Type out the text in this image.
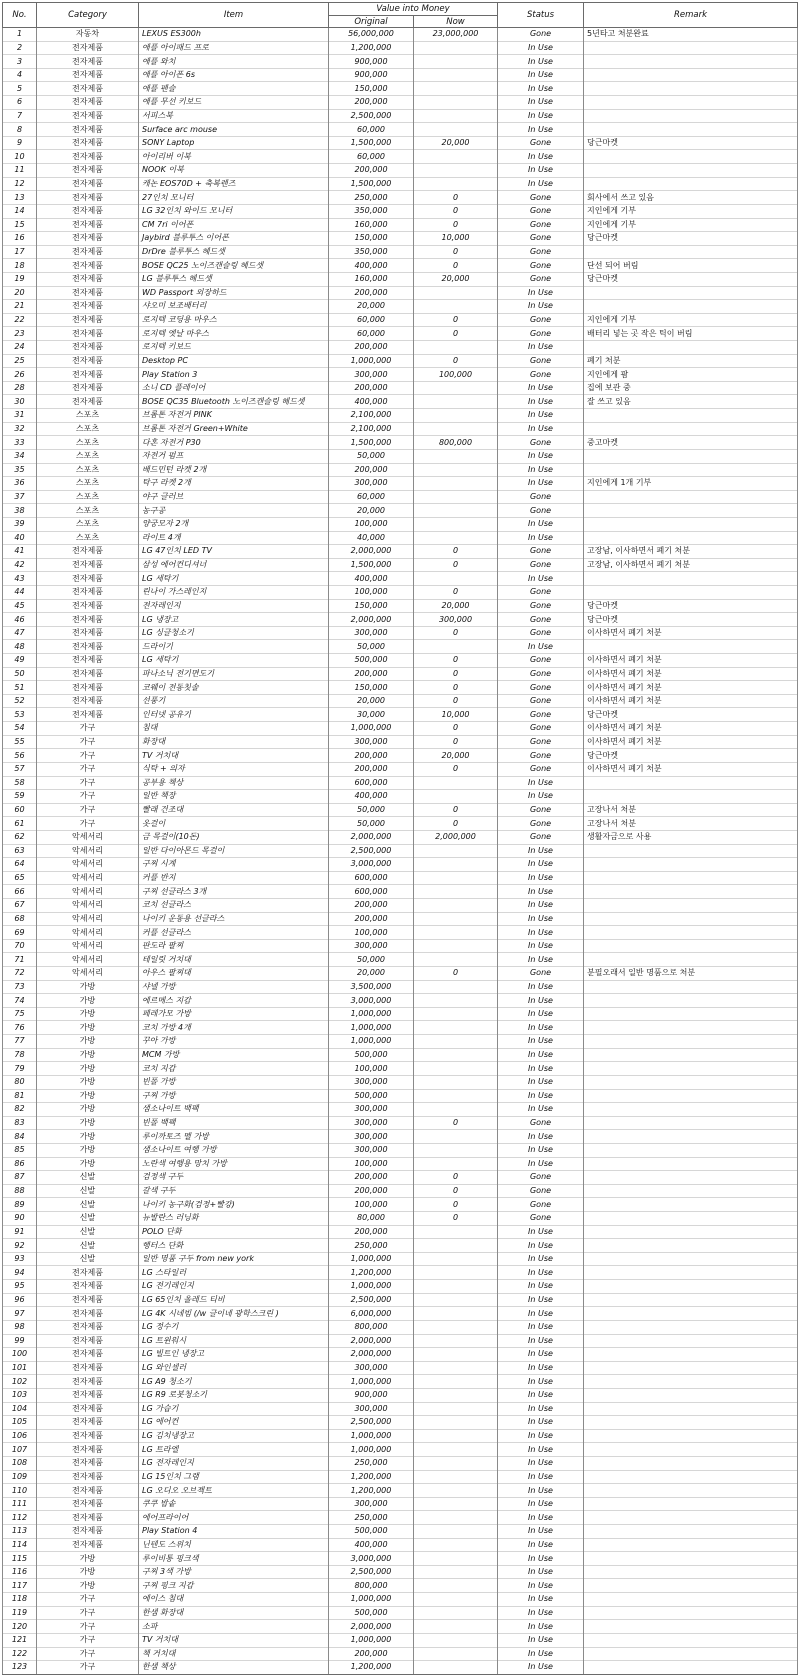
No.	Category	Item	Value into Money		Status	Remark
			Original	Now		
1	자동차	LEXUS ES300h	56,000,000	23,000,000	Gone	5년타고 처분완료
2	전자제품	애플 아이패드 프로	1,200,000		In Use	
3	전자제품	애플 와치	900,000		In Use	
4	전자제품	애플 아이폰 6s	900,000		In Use	
5	전자제품	애플 펜슬	150,000		In Use	
6	전자제품	애플 무선 키보드	200,000		In Use	
7	전자제품	서피스북	2,500,000		In Use	
8	전자제품	Surface arc mouse	60,000		In Use	
9	전자제품	SONY Laptop	1,500,000	20,000	Gone	당근마켓
10	전자제품	아이리버 이북	60,000		In Use	
11	전자제품	NOOK 이북	200,000		In Use	
12	전자제품	캐논 EOS70D + 축복렌즈	1,500,000		In Use	
13	전자제품	27인치 모니터	250,000	0	Gone	회사에서 쓰고 있음
14	전자제품	LG 32인치 와이드 모니터	350,000	0	Gone	지인에게 기부
15	전자제품	CM 7ri 이어폰	160,000	0	Gone	지인에게 기부
16	전자제품	Jaybird 블루투스 이어폰	150,000	10,000	Gone	당근마켓
17	전자제품	DrDre 블루투스 헤드셋	350,000	0	Gone	
18	전자제품	BOSE QC25 노이즈캔슬링 헤드셋	400,000	0	Gone	단선 되어 버림
19	전자제품	LG 블루투스 헤드셋	160,000	20,000	Gone	당근마켓
20	전자제품	WD Passport 외장하드	200,000		In Use	
21	전자제품	샤오미 보조배터리	20,000		In Use	
22	전자제품	로지텍 코딩용 마우스	60,000	0	Gone	지인에게 기부
23	전자제품	로지텍 엣날 마우스	60,000	0	Gone	배터리 넣는 곳 작은 틱이 버림
24	전자제품	로지텍 키보드	200,000		In Use	
25	전자제품	Desktop PC	1,000,000	0	Gone	폐기 처분
26	전자제품	Play Station 3	300,000	100,000	Gone	지인에게 팜
28	전자제품	소니 CD 플레이어	200,000		In Use	집에 보관 중
30	전자제품	BOSE QC35 Bluetooth 노이즈캔슬링 헤드셋	400,000		In Use	잘 쓰고 있음
31	스포츠	브롬톤 자전거 PINK	2,100,000		In Use	
32	스포츠	브롬톤 자전거 Green+White	2,100,000		In Use	
33	스포츠	다혼 자전거 P30	1,500,000	800,000	Gone	중고마켓
34	스포츠	자전거 펌프	50,000		In Use	
35	스포츠	배드민턴 라켓 2개	200,000		In Use	
36	스포츠	탁구 라켓 2개	300,000		In Use	지인에게 1개 기부
37	스포츠	야구 글러브	60,000		Gone	
38	스포츠	농구공	20,000		Gone	
39	스포츠	양궁모자 2개	100,000		In Use	
40	스포츠	라이트 4개	40,000		In Use	
41	전자제품	LG 47인치 LED TV	2,000,000	0	Gone	고장남, 이사하면서 폐기 처분
42	전자제품	삼성 에어컨디셔너	1,500,000	0	Gone	고장남, 이사하면서 폐기 처분
43	전자제품	LG 세탁기	400,000		In Use	
44	전자제품	린나이 가스레인지	100,000	0	Gone	
45	전자제품	전자레인지	150,000	20,000	Gone	당근마켓
46	전자제품	LG 냉장고	2,000,000	300,000	Gone	당근마켓
47	전자제품	LG 싱글청소기	300,000	0	Gone	이사하면서 폐기 처분
48	전자제품	드라이기	50,000		In Use	
49	전자제품	LG 세탁기	500,000	0	Gone	이사하면서 폐기 처분
50	전자제품	파나소닉 전기면도기	200,000	0	Gone	이사하면서 폐기 처분
51	전자제품	코웨이 전동칫솔	150,000	0	Gone	이사하면서 폐기 처분
52	전자제품	선풍기	20,000	0	Gone	이사하면서 폐기 처분
53	전자제품	인터넷 공유기	30,000	10,000	Gone	당근마켓
54	가구	침대	1,000,000	0	Gone	이사하면서 폐기 처분
55	가구	화장대	300,000	0	Gone	이사하면서 폐기 처분
56	가구	TV 거치대	200,000	20,000	Gone	당근마켓
57	가구	식탁 + 의자	200,000	0	Gone	이사하면서 폐기 처분
58	가구	공부용 책상	600,000		In Use	
59	가구	일반 책장	400,000		In Use	
60	가구	빨래 건조대	50,000	0	Gone	고장나서 처분
61	가구	옷걸이	50,000	0	Gone	고장나서 처분
62	악세서리	금 목걸이(10돈)	2,000,000	2,000,000	Gone	생활자금으로 사용
63	악세서리	일반 다이아몬드 목걸이	2,500,000		In Use	
64	악세서리	구찌 시계	3,000,000		In Use	
65	악세서리	커플 반지	600,000		In Use	
66	악세서리	구찌 선글라스 3개	600,000		In Use	
67	악세서리	코치 선글라스	200,000		In Use	
68	악세서리	나이키 운동용 선글라스	200,000		In Use	
69	악세서리	커플 선글라스	100,000		In Use	
70	악세서리	판도라 팔찌	300,000		In Use	
71	악세서리	테일릿 거치대	50,000		In Use	
72	악세서리	아우스 팔찌대	20,000	0	Gone	분필오래서 일반 명품으로 처분
73	가방	샤넬 가방	3,500,000		In Use	
74	가방	에르메스 지갑	3,000,000		In Use	
75	가방	페레가모 가방	1,000,000		In Use	
76	가방	코치 가방 4개	1,000,000		In Use	
77	가방	꾸아 가방	1,000,000		In Use	
78	가방	MCM 가방	500,000		In Use	
79	가방	코치 지갑	100,000		In Use	
80	가방	빈폴 가방	300,000		In Use	
81	가방	구찌 가방	500,000		In Use	
82	가방	샘소나이트 백팩	300,000		In Use	
83	가방	빈폴 백팩	300,000	0	Gone	
84	가방	루이까토즈 멜 가방	300,000		In Use	
85	가방	샘소나이트 여행 가방	300,000		In Use	
86	가방	노란색 여행용 망치 가방	100,000		In Use	
87	신발	검정색 구두	200,000	0	Gone	
88	신발	갈색 구두	200,000	0	Gone	
89	신발	나이키 농구화(검정+빨강)	100,000	0	Gone	
90	신발	뉴발란스 러닝화	80,000	0	Gone	
91	신발	POLO 단화	200,000		In Use	
92	신발	행터스 단화	250,000		In Use	
93	신발	일반 명품 구두 from new york	1,000,000		In Use	
94	전자제품	LG 스타일러	1,200,000		In Use	
95	전자제품	LG 전기레인지	1,000,000		In Use	
96	전자제품	LG 65인치 올레드 티비	2,500,000		In Use	
97	전자제품	LG 4K 시네빔 (/w 글이네 광학스크린 )	6,000,000		In Use	
98	전자제품	LG 정수기	800,000		In Use	
99	전자제품	LG 트윈워시	2,000,000		In Use	
100	전자제품	LG 빌트인 냉장고	2,000,000		In Use	
101	전자제품	LG 와인셀러	300,000		In Use	
102	전자제품	LG A9 청소기	1,000,000		In Use	
103	전자제품	LG R9 로봇청소기	900,000		In Use	
104	전자제품	LG 가습기	300,000		In Use	
105	전자제품	LG 에어컨	2,500,000		In Use	
106	전자제품	LG 김치냉장고	1,000,000		In Use	
107	전자제품	LG 트라엘	1,000,000		In Use	
108	전자제품	LG 전자레인지	250,000		In Use	
109	전자제품	LG 15인치 그램	1,200,000		In Use	
110	전자제품	LG 오디오 오브젝트	1,200,000		In Use	
111	전자제품	쿠쿠 밥솥	300,000		In Use	
112	전자제품	에어프라이어	250,000		In Use	
113	전자제품	Play Station 4	500,000		In Use	
114	전자제품	닌텐도 스위치	400,000		In Use	
115	가방	루이비통 핑크색	3,000,000		In Use	
116	가방	구찌 3색 가방	2,500,000		In Use	
117	가방	구찌 핑크 지갑	800,000		In Use	
118	가구	에이스 침대	1,000,000		In Use	
119	가구	한샘 화장대	500,000		In Use	
120	가구	소파	2,000,000		In Use	
121	가구	TV 거치대	1,000,000		In Use	
122	가구	책 거치대	200,000		In Use	
123	가구	한샘 책상	1,200,000		In Use	
